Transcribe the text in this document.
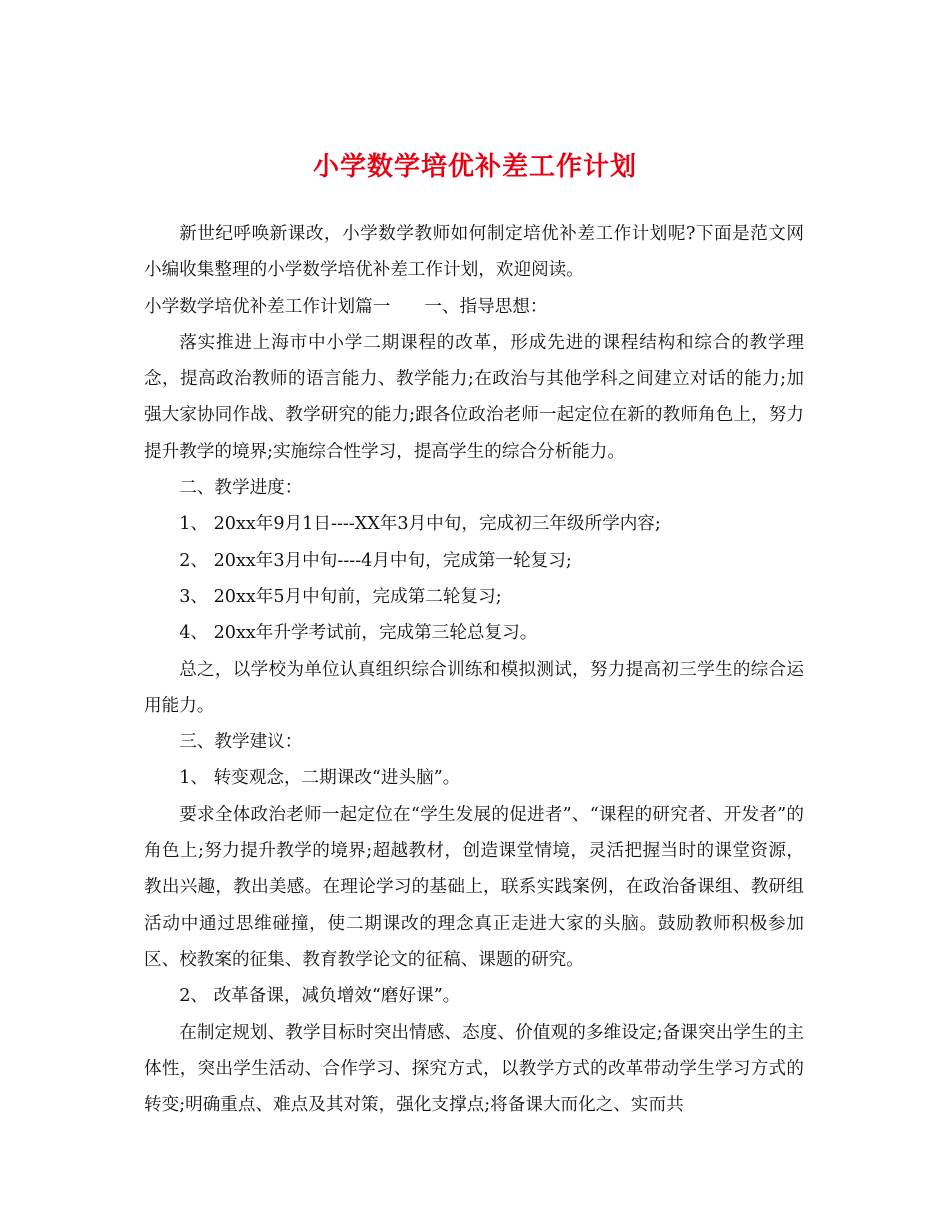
小学数学培优补差工作计划

新世纪呼唤新课改，小学数学教师如何制定培优补差工作计划呢?下面是范文网小编收集整理的小学数学培优补差工作计划，欢迎阅读。

小学数学培优补差工作计划篇一 一、指导思想：

落实推进上海市中小学二期课程的改革，形成先进的课程结构和综合的教学理念，提高政治教师的语言能力、教学能力;在政治与其他学科之间建立对话的能力;加强大家协同作战、教学研究的能力;跟各位政治老师一起定位在新的教师角色上，努力提升教学的境界;实施综合性学习，提高学生的综合分析能力。

二、教学进度：

1、 20xx年9月1日----XX年3月中旬，完成初三年级所学内容;

2、 20xx年3月中旬----4月中旬，完成第一轮复习;

3、 20xx年5月中旬前，完成第二轮复习;

4、 20xx年升学考试前，完成第三轮总复习。

总之，以学校为单位认真组织综合训练和模拟测试，努力提高初三学生的综合运用能力。

三、教学建议：

1、 转变观念，二期课改“进头脑”。

要求全体政治老师一起定位在“学生发展的促进者”、“课程的研究者、开发者”的角色上;努力提升教学的境界;超越教材，创造课堂情境，灵活把握当时的课堂资源，教出兴趣，教出美感。在理论学习的基础上，联系实践案例，在政治备课组、教研组活动中通过思维碰撞，使二期课改的理念真正走进大家的头脑。鼓励教师积极参加区、校教案的征集、教育教学论文的征稿、课题的研究。

2、 改革备课，减负增效“磨好课”。

在制定规划、教学目标时突出情感、态度、价值观的多维设定;备课突出学生的主体性，突出学生活动、合作学习、探究方式，以教学方式的改革带动学生学习方式的转变;明确重点、难点及其对策，强化支撑点;将备课大而化之、实而共
